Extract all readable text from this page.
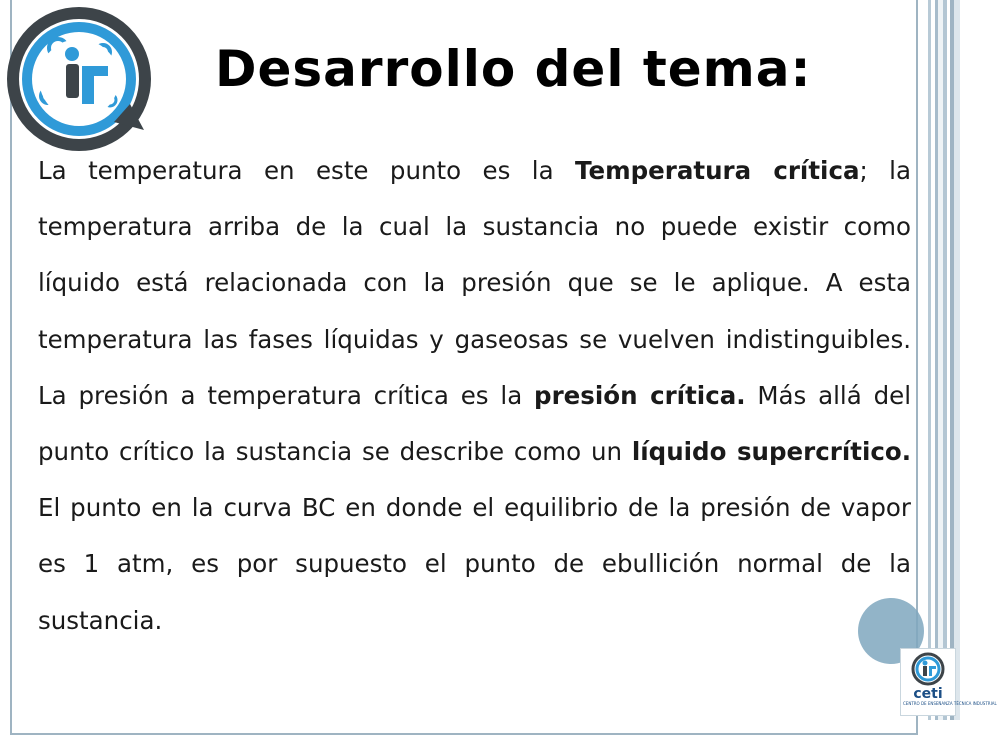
Desarrollo del tema:

La temperatura en este punto es la Temperatura crítica; la temperatura arriba de la cual la sustancia no puede existir como líquido está relacionada con la presión que se le aplique. A esta temperatura las fases líquidas y gaseosas se vuelven indistinguibles. La presión a temperatura crítica es la presión crítica. Más allá del punto crítico la sustancia se describe como un líquido supercrítico. El punto en la curva BC en donde el equilibrio de la presión de vapor es 1 atm, es por supuesto el punto de ebullición normal de la sustancia.

ceti
CENTRO DE ENSEÑANZA TÉCNICA INDUSTRIAL
